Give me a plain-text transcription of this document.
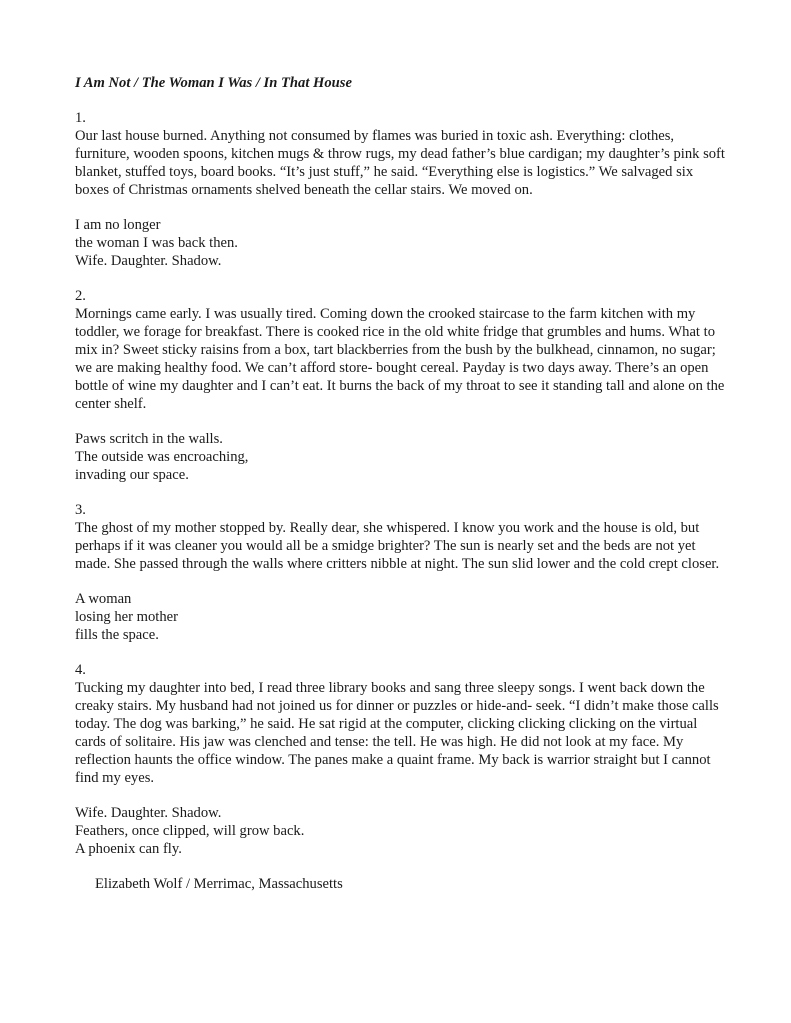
I Am Not / The Woman I Was / In That House
1.
Our last house burned. Anything not consumed by flames was buried in toxic ash. Everything: clothes, furniture, wooden spoons, kitchen mugs & throw rugs, my dead father’s blue cardigan; my daughter’s pink soft blanket, stuffed toys, board books. “It’s just stuff,” he said. “Everything else is logistics.” We salvaged six boxes of Christmas ornaments shelved beneath the cellar stairs. We moved on.
I am no longer
the woman I was back then.
Wife. Daughter. Shadow.
2.
Mornings came early. I was usually tired. Coming down the crooked staircase to the farm kitchen with my toddler, we forage for breakfast. There is cooked rice in the old white fridge that grumbles and hums. What to mix in? Sweet sticky raisins from a box, tart blackberries from the bush by the bulkhead, cinnamon, no sugar; we are making healthy food. We can’t afford store- bought cereal. Payday is two days away. There’s an open bottle of wine my daughter and I can’t eat. It burns the back of my throat to see it standing tall and alone on the center shelf.
Paws scritch in the walls.
The outside was encroaching,
invading our space.
3.
The ghost of my mother stopped by. Really dear, she whispered. I know you work and the house is old, but perhaps if it was cleaner you would all be a smidge brighter? The sun is nearly set and the beds are not yet made. She passed through the walls where critters nibble at night. The sun slid lower and the cold crept closer.
A woman
losing her mother
fills the space.
4.
Tucking my daughter into bed, I read three library books and sang three sleepy songs. I went back down the creaky stairs. My husband had not joined us for dinner or puzzles or hide-and- seek. “I didn’t make those calls today. The dog was barking,” he said. He sat rigid at the computer, clicking clicking clicking on the virtual cards of solitaire. His jaw was clenched and tense: the tell. He was high. He did not look at my face. My reflection haunts the office window. The panes make a quaint frame. My back is warrior straight but I cannot find my eyes.
Wife. Daughter. Shadow.
Feathers, once clipped, will grow back.
A phoenix can fly.
Elizabeth Wolf / Merrimac, Massachusetts
